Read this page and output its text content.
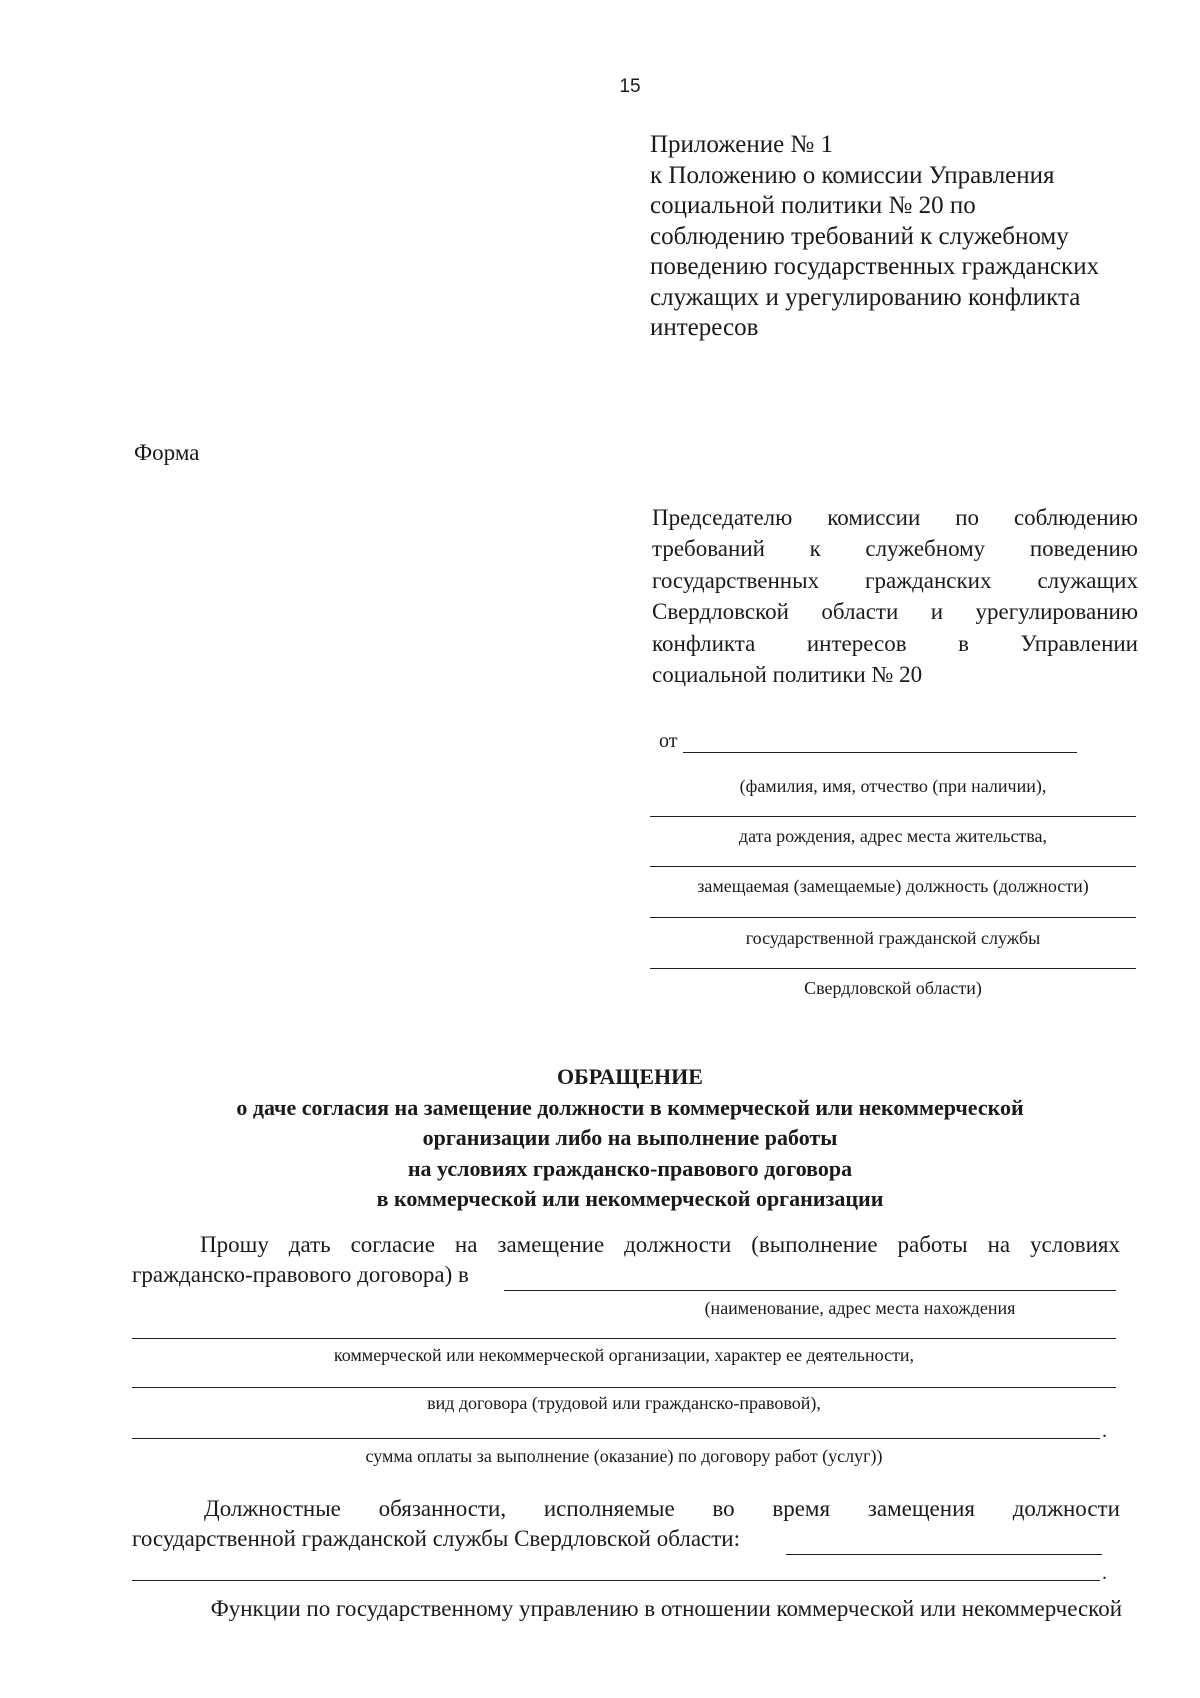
15
Приложение № 1
к Положению о комиссии Управления
социальной политики № 20 по
соблюдению требований к служебному
поведению государственных гражданских
служащих и урегулированию конфликта
интересов
Форма
Председателю комиссии по соблюдению
требований к служебному поведению
государственных гражданских служащих
Свердловской области и урегулированию
конфликта интересов в Управлении
социальной политики № 20
от
(фамилия, имя, отчество (при наличии),
дата рождения, адрес места жительства,
замещаемая (замещаемые) должность (должности)
государственной гражданской службы
Свердловской области)
ОБРАЩЕНИЕ
о даче согласия на замещение должности в коммерческой или некоммерческой
организации либо на выполнение работы
на условиях гражданско-правового договора
в коммерческой или некоммерческой организации
Прошу дать согласие на замещение должности (выполнение работы на условиях
гражданско-правового договора) в
(наименование, адрес места нахождения
коммерческой или некоммерческой организации, характер ее деятельности,
вид договора (трудовой или гражданско-правовой),
.
сумма оплаты за выполнение (оказание) по договору работ (услуг))
Должностные обязанности, исполняемые во время замещения должности
государственной гражданской службы Свердловской области:
.
Функции по государственному управлению в отношении коммерческой или некоммерческой
